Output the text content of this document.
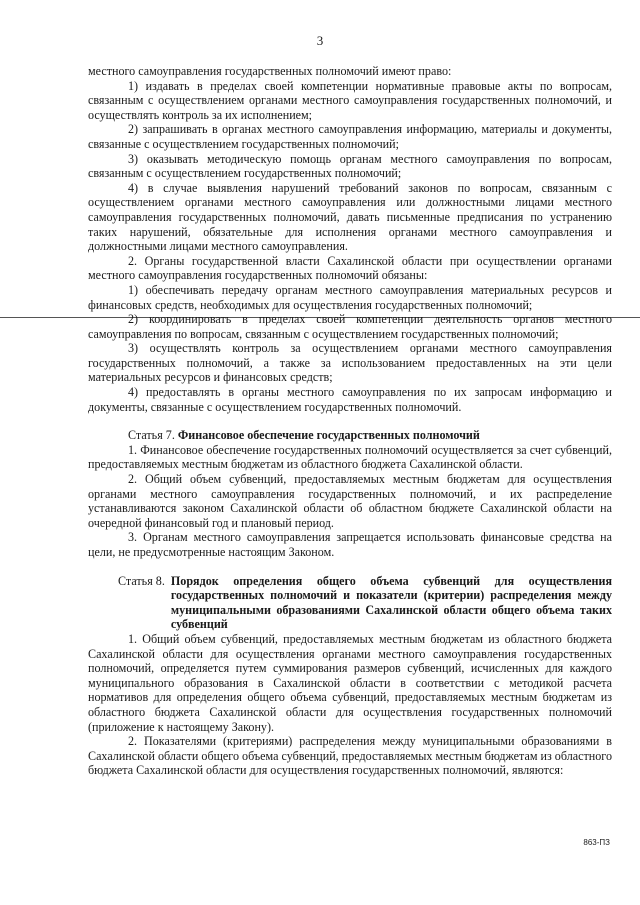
3

местного самоуправления государственных полномочий имеют право:

1) издавать в пределах своей компетенции нормативные правовые акты по вопросам, связанным с осуществлением органами местного самоуправления государственных полномочий, и осуществлять контроль за их исполнением;

2) запрашивать в органах местного самоуправления информацию, материалы и документы, связанные с осуществлением государственных полномочий;

3) оказывать методическую помощь органам местного самоуправления по вопросам, связанным с осуществлением государственных полномочий;

4) в случае выявления нарушений требований законов по вопросам, связанным с осуществлением органами местного самоуправления или должностными лицами местного самоуправления государственных полномочий, давать письменные предписания по устранению таких нарушений, обязательные для исполнения органами местного самоуправления и должностными лицами местного самоуправления.

2. Органы государственной власти Сахалинской области при осуществлении органами местного самоуправления государственных полномочий обязаны:

1) обеспечивать передачу органам местного самоуправления материальных ресурсов и финансовых средств, необходимых для осуществления государственных полномочий;

2) координировать в пределах своей компетенции деятельность органов местного самоуправления по вопросам, связанным с осуществлением государственных полномочий;

3) осуществлять контроль за осуществлением органами местного самоуправления государственных полномочий, а также за использованием предоставленных на эти цели материальных ресурсов и финансовых средств;

4) предоставлять в органы местного самоуправления по их запросам информацию и документы, связанные с осуществлением государственных полномочий.

Статья 7. Финансовое обеспечение государственных полномочий

1. Финансовое обеспечение государственных полномочий осуществляется за счет субвенций, предоставляемых местным бюджетам из областного бюджета Сахалинской области.

2. Общий объем субвенций, предоставляемых местным бюджетам для осуществления органами местного самоуправления государственных полномочий, и их распределение устанавливаются законом Сахалинской области об областном бюджете Сахалинской области на очередной финансовый год и плановый период.

3. Органам местного самоуправления запрещается использовать финансовые средства на цели, не предусмотренные настоящим Законом.

Статья 8. Порядок определения общего объема субвенций для осуществления государственных полномочий и показатели (критерии) распределения между муниципальными образованиями Сахалинской области общего объема таких субвенций

1. Общий объем субвенций, предоставляемых местным бюджетам из областного бюджета Сахалинской области для осуществления органами местного самоуправления государственных полномочий, определяется путем суммирования размеров субвенций, исчисленных для каждого муниципального образования в Сахалинской области в соответствии с методикой расчета нормативов для определения общего объема субвенций, предоставляемых местным бюджетам из областного бюджета Сахалинской области для осуществления государственных полномочий (приложение к настоящему Закону).

2. Показателями (критериями) распределения между муниципальными образованиями в Сахалинской области общего объема субвенций, предоставляемых местным бюджетам из областного бюджета Сахалинской области для осуществления государственных полномочий, являются:

863-ПЗ
